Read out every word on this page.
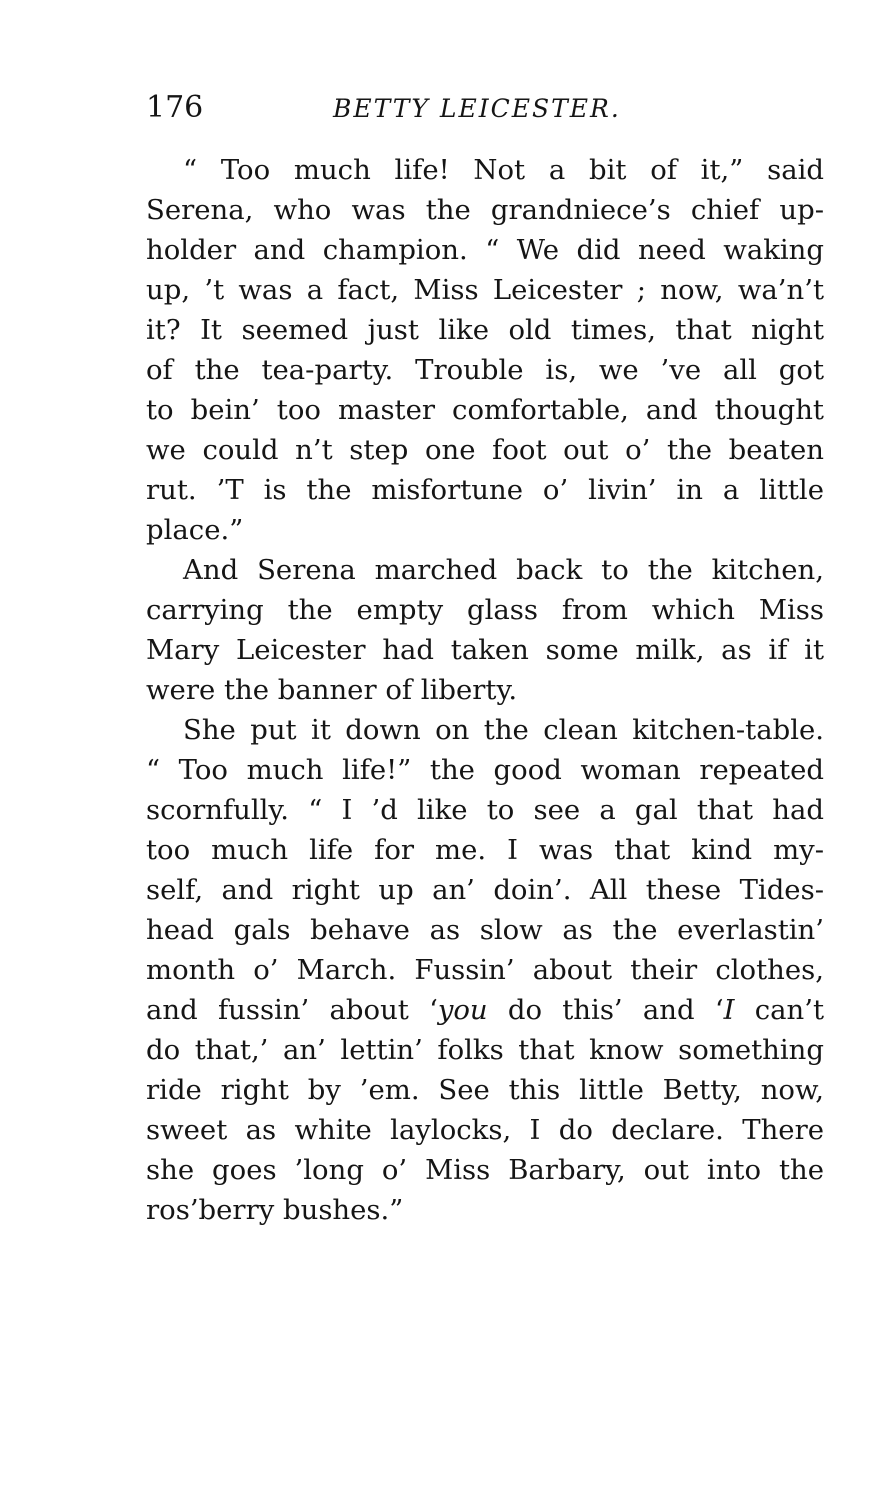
176	BETTY LEICESTER.

“ Too much life! Not a bit of it,” said
Serena, who was the grandniece’s chief up-
holder and champion. “ We did need waking
up, ’t was a fact, Miss Leicester ; now, wa’n’t
it? It seemed just like old times, that night
of the tea-party. Trouble is, we ’ve all got
to bein’ too master comfortable, and thought
we could n’t step one foot out o’ the beaten
rut. ’T is the misfortune o’ livin’ in a little
place.”

And Serena marched back to the kitchen,
carrying the empty glass from which Miss
Mary Leicester had taken some milk, as if it
were the banner of liberty.

She put it down on the clean kitchen-table.
“ Too much life!” the good woman repeated
scornfully. “ I ’d like to see a gal that had
too much life for me. I was that kind my-
self, and right up an’ doin’. All these Tides-
head gals behave as slow as the everlastin’
month o’ March. Fussin’ about their clothes,
and fussin’ about ‘you do this’ and ‘I can’t
do that,’ an’ lettin’ folks that know something
ride right by ’em. See this little Betty, now,
sweet as white laylocks, I do declare. There
she goes ’long o’ Miss Barbary, out into the
ros’berry bushes.”
